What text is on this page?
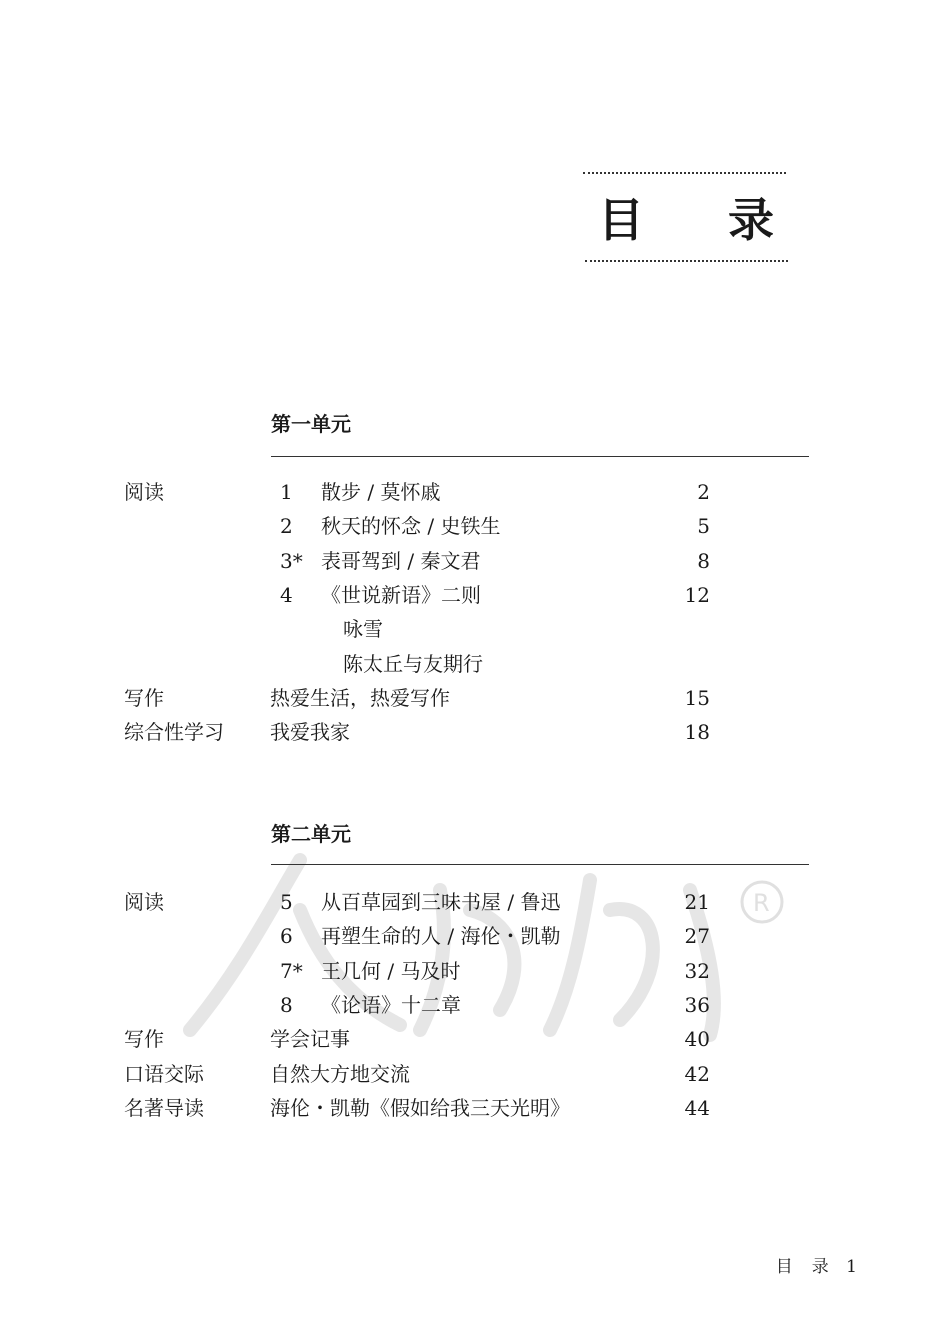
R
目 录
第一单元
阅读	1 散步 / 莫怀戚	2
2 秋天的怀念 / 史铁生	5
3* 表哥驾到 / 秦文君	8
4 《世说新语》二则	12
咏雪
陈太丘与友期行
写作	热爱生活，热爱写作	15
综合性学习 我爱我家	18
第二单元
阅读	5 从百草园到三味书屋 / 鲁迅	21
6 再塑生命的人 / 海伦・凯勒	27
7* 王几何 / 马及时	32
8 《论语》十二章	36
写作	学会记事	40
口语交际	自然大方地交流	42
名著导读	海伦・凯勒《假如给我三天光明》	44
目　录 1
